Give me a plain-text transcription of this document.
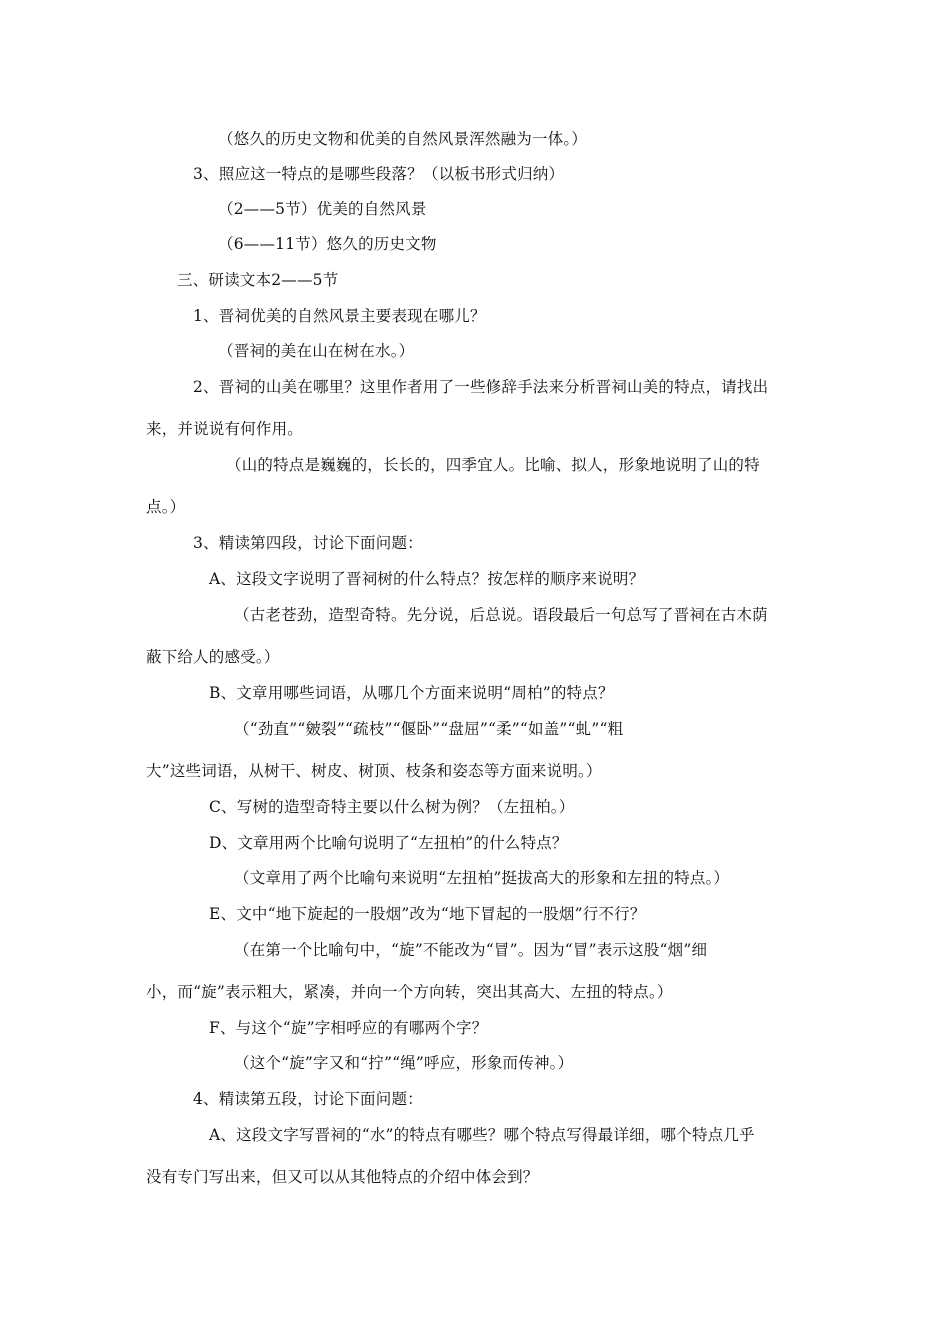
（悠久的历史文物和优美的自然风景浑然融为一体。）
3、照应这一特点的是哪些段落？（以板书形式归纳）
（2——5节）优美的自然风景
（6——11节）悠久的历史文物
三、研读文本2——5节
1、晋祠优美的自然风景主要表现在哪儿？
（晋祠的美在山在树在水。）
2、晋祠的山美在哪里？这里作者用了一些修辞手法来分析晋祠山美的特点，请找出
来，并说说有何作用。
（山的特点是巍巍的，长长的，四季宜人。比喻、拟人，形象地说明了山的特
点。）
3、精读第四段，讨论下面问题：
A、这段文字说明了晋祠树的什么特点？按怎样的顺序来说明？
（古老苍劲，造型奇特。先分说，后总说。语段最后一句总写了晋祠在古木荫
蔽下给人的感受。）
B、文章用哪些词语，从哪几个方面来说明“周柏”的特点？
（“劲直”“皴裂”“疏枝”“偃卧”“盘屈”“柔”“如盖”“虬”“粗
大”这些词语，从树干、树皮、树顶、枝条和姿态等方面来说明。）
C、写树的造型奇特主要以什么树为例？（左扭柏。）
D、文章用两个比喻句说明了“左扭柏”的什么特点？
（文章用了两个比喻句来说明“左扭柏”挺拔高大的形象和左扭的特点。）
E、文中“地下旋起的一股烟”改为“地下冒起的一股烟”行不行？
（在第一个比喻句中，“旋”不能改为“冒”。因为“冒”表示这股“烟”细
小，而“旋”表示粗大，紧凑，并向一个方向转，突出其高大、左扭的特点。）
F、与这个“旋”字相呼应的有哪两个字？
（这个“旋”字又和“拧”“绳”呼应，形象而传神。）
4、精读第五段，讨论下面问题：
A、这段文字写晋祠的“水”的特点有哪些？哪个特点写得最详细，哪个特点几乎
没有专门写出来，但又可以从其他特点的介绍中体会到？
